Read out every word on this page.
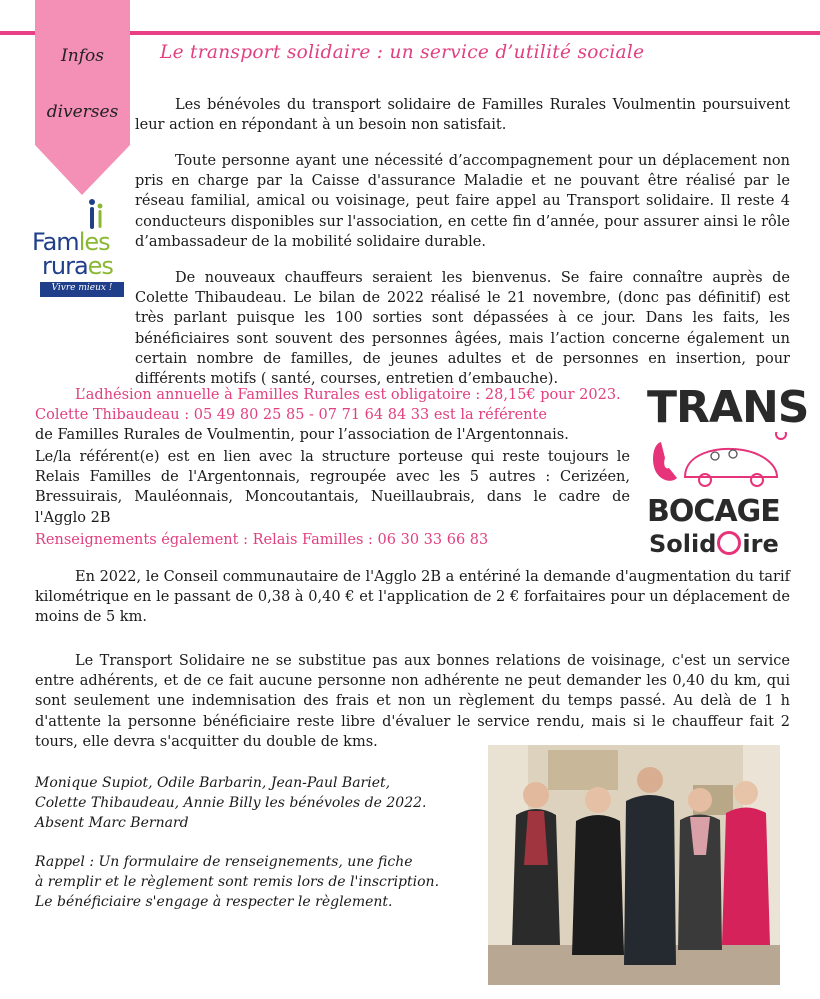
Infos
diverses
Le transport solidaire : un service d’utilité sociale

Les bénévoles du transport solidaire de Familles Rurales Voulmentin poursuivent leur action en répondant à un besoin non satisfait.

Toute personne ayant une nécessité d’accompagnement pour un déplacement non pris en charge par la Caisse d'assurance Maladie et ne pouvant être réalisé par le réseau familial, amical ou voisinage, peut faire appel au Transport solidaire. Il reste 4 conducteurs disponibles sur l'association, en cette fin d’année, pour assurer ainsi le rôle d’ambassadeur de la mobilité solidaire durable.

Famles
ruraes
Vivre mieux !

De nouveaux chauffeurs seraient les bienvenus. Se faire connaître auprès de Colette Thibaudeau. Le bilan de 2022 réalisé le 21 novembre, (donc pas définitif) est très parlant puisque les 100 sorties sont dépassées à ce jour. Dans les faits, les bénéficiaires sont souvent des personnes âgées, mais l’action concerne également un certain nombre de familles, de jeunes adultes et de personnes en insertion, pour différents motifs ( santé, courses, entretien d’embauche).

L’adhésion annuelle à Familles Rurales est obligatoire : 28,15€ pour 2023.

Colette Thibaudeau : 05 49 80 25 85 - 07 71 64 84 33 est la référente
de Familles Rurales de Voulmentin, pour l’association de l'Argentonnais.

Le/la référent(e) est en lien avec la structure porteuse qui reste toujours le Relais Familles de l'Argentonnais, regroupée avec les 5 autres : Cerizéen, Bressuirais, Mauléonnais, Moncoutantais, Nueillaubrais, dans le cadre de l'Agglo 2B

Renseignements également : Relais Familles : 06 30 33 66 83

TRANS
BOCAGE
Solid ire

En 2022, le Conseil communautaire de l'Agglo 2B a entériné la demande d'augmentation du tarif kilométrique en le passant de 0,38 à 0,40 € et l'application de 2 € forfaitaires pour un déplacement de moins de 5 km.

Le Transport Solidaire ne se substitue pas aux bonnes relations de voisinage, c'est un service entre adhérents, et de ce fait aucune personne non adhérente ne peut demander les 0,40 du km, qui sont seulement une indemnisation des frais et non un règlement du temps passé. Au delà de 1 h d'attente la personne bénéficiaire reste libre d'évaluer le service rendu, mais si le chauffeur fait 2 tours, elle devra s'acquitter du double de kms.

Monique Supiot, Odile Barbarin, Jean-Paul Bariet,
Colette Thibaudeau, Annie Billy les bénévoles de 2022.
Absent Marc Bernard

Rappel : Un formulaire de renseignements, une fiche
à remplir et le règlement sont remis lors de l'inscription.
Le bénéficiaire s'engage à respecter le règlement.
